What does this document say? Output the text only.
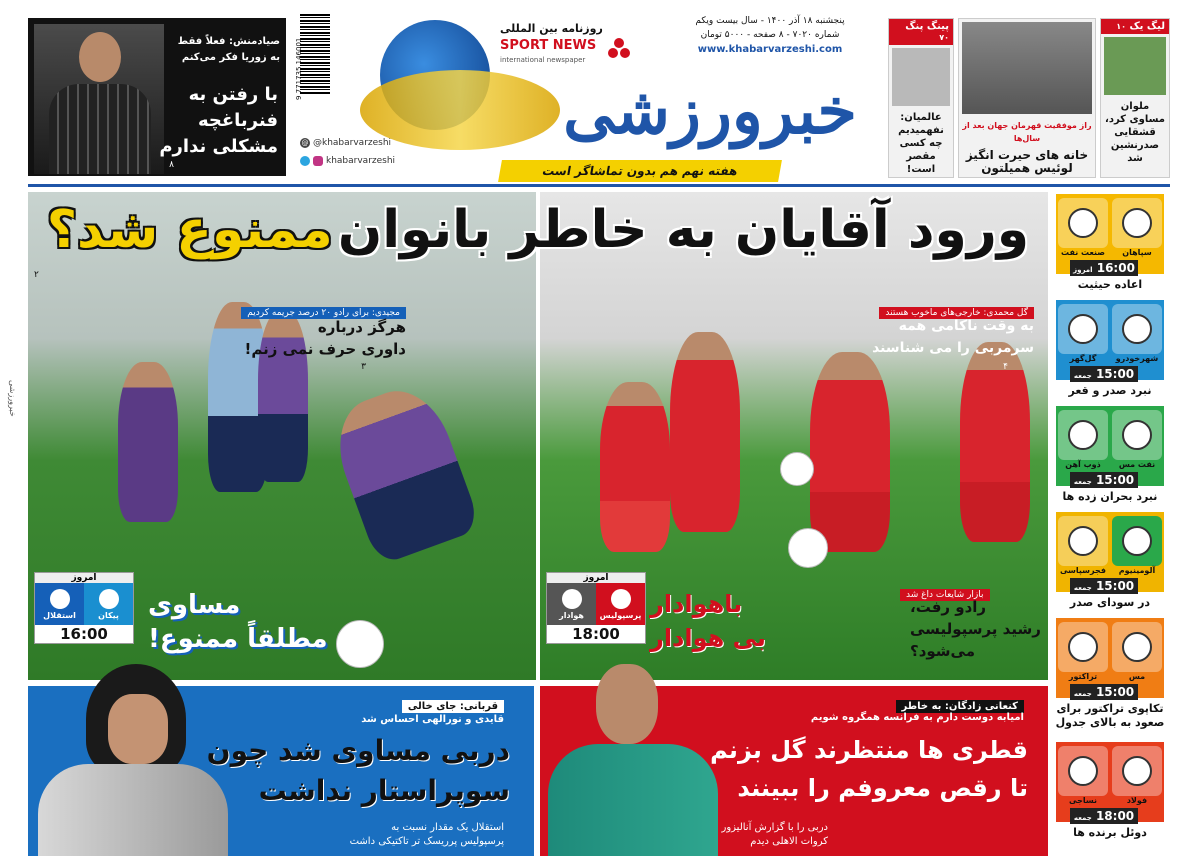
صیادمنش: فعلاً فقط
به زوریا فکر می‌کنم
با رفتن به
فنرباغچه
مشکلی ندارم
۸
9 771735 146001
@ @khabarvarzeshi
khabarvarzeshi
خبرورزشی
روزنامه بین المللی
SPORT NEWS
international newspaper
پنجشنبه ۱۸ آذر ۱۴۰۰ - سال بیست ویکم
شماره ۷۰۲۰ - ۸ صفحه - ۵۰۰۰ تومان
www.khabarvarzeshi.com
هفته نهم هم بدون تماشاگر است
لیگ یک ۱۰
ملوان مساوی کرد، قشقایی صدرنشین شد
راز موفقیت قهرمان جهان بعد از سال‌ها
خانه های حیرت انگیز لوئیس همیلتون
پینگ پنگ ۷۰
عالمیان: نفهمیدیم چه کسی مقصر است!
خبرورزشی
مجیدی: برای رادو ۲۰ درصد جریمه کردیم
هرگز درباره
داوری حرف نمی زنم!
۳
مساوی
مطلقاً ممنوع!
امروز
پیکان
استقلال
16:00
گل محمدی: خارجی‌های ماخوب هستند
به وقت ناکامی همه
سرمربی را می شناسند
۴
باهوادار
بی هوادار
بازار شایعات داغ شد
رادو رفت،
رشید پرسپولیسی
می‌شود؟
امروز
پرسپولیس
هوادار
18:00
ورود آقایان به خاطر بانوان ممنوع شد؟
۲
قربانی: جای خالی
قایدی و نورالهی احساس شد
دربی مساوی شد چون
سوپراستار نداشت
استقلال یک مقدار نسبت به
پرسپولیس پرریسک تر تاکتیکی داشت
کنعانی زادگان: به خاطر
امیابه دوست دارم به فرانسه همگروه شویم
قطری ها منتظرند گل بزنم
تا رقص معروفم را ببینند
دربی را با گزارش آنالیزور
کروات الاهلی دیدم
سپاهان
صنعت نفت
16:00 امروز
اعاده حیثیت
شهرخودرو
گل‌گهر
15:00 جمعه
نبرد صدر و قعر
نفت مس
ذوب آهن
15:00 جمعه
نبرد بحران زده ها
آلومینیوم
فجرسپاسی
15:00 جمعه
در سودای صدر
مس
تراکتور
15:00 جمعه
تکاپوی تراکتور برای صعود به بالای جدول
فولاد
نساجی
18:00 جمعه
دوئل برنده ها
